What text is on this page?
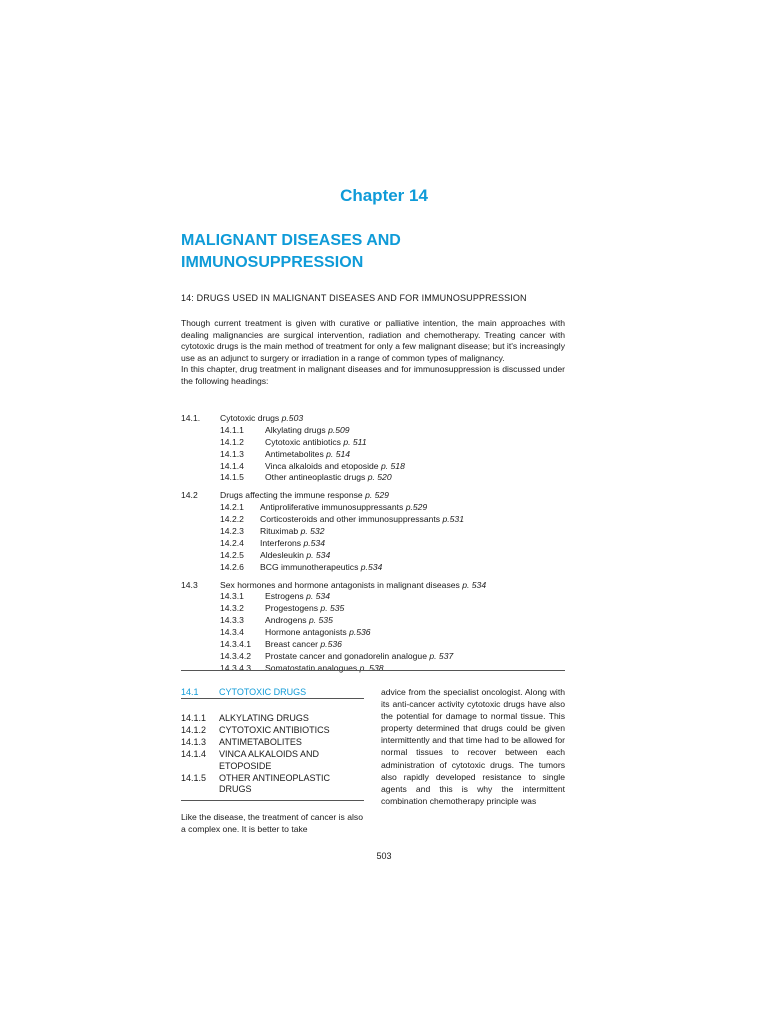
Chapter 14
MALIGNANT DISEASES AND
IMMUNOSUPPRESSION
14: DRUGS USED IN MALIGNANT DISEASES AND FOR IMMUNOSUPPRESSION

Though current treatment is given with curative or palliative intention, the main approaches with dealing malignancies are surgical intervention, radiation and chemotherapy. Treating cancer with cytotoxic drugs is the main method of treatment for only a few malignant disease; but it's increasingly use as an adjunct to surgery or irradiation in a range of common types of malignancy.

In this chapter, drug treatment in malignant diseases and for immunosuppression is discussed under the following headings:

14.1.	Cytotoxic drugs p.503
14.1.1	Alkylating drugs p.509
14.1.2	Cytotoxic antibiotics p. 511
14.1.3	Antimetabolites p. 514
14.1.4	Vinca alkaloids and etoposide p. 518
14.1.5	Other antineoplastic drugs p. 520
14.2	Drugs affecting the immune response p. 529
14.2.1	Antiproliferative immunosuppressants p.529
14.2.2	Corticosteroids and other immunosuppressants p.531
14.2.3	Rituximab p. 532
14.2.4	Interferons p.534
14.2.5	Aldesleukin p. 534
14.2.6	BCG immunotherapeutics p.534
14.3	Sex hormones and hormone antagonists in malignant diseases p. 534
14.3.1	Estrogens p. 534
14.3.2	Progestogens p. 535
14.3.3	Androgens p. 535
14.3.4	Hormone antagonists p.536
14.3.4.1	Breast cancer p.536
14.3.4.2	Prostate cancer and gonadorelin analogue p. 537
14.3.4.3	Somatostatin analogues p. 538
14.1	CYTOTOXIC DRUGS
14.1.1	ALKYLATING DRUGS
14.1.2	CYTOTOXIC ANTIBIOTICS
14.1.3	ANTIMETABOLITES
14.1.4	VINCA ALKALOIDS AND ETOPOSIDE
14.1.5	OTHER ANTINEOPLASTIC DRUGS
Like the disease, the treatment of cancer is also a complex one. It is better to take
advice from the specialist oncologist. Along with its anti-cancer activity cytotoxic drugs have also the potential for damage to normal tissue. This property determined that drugs could be given intermittently and that time had to be allowed for normal tissues to recover between each administration of cytotoxic drugs. The tumors also rapidly developed resistance to single agents and this is why the intermittent combination chemotherapy principle was
503
